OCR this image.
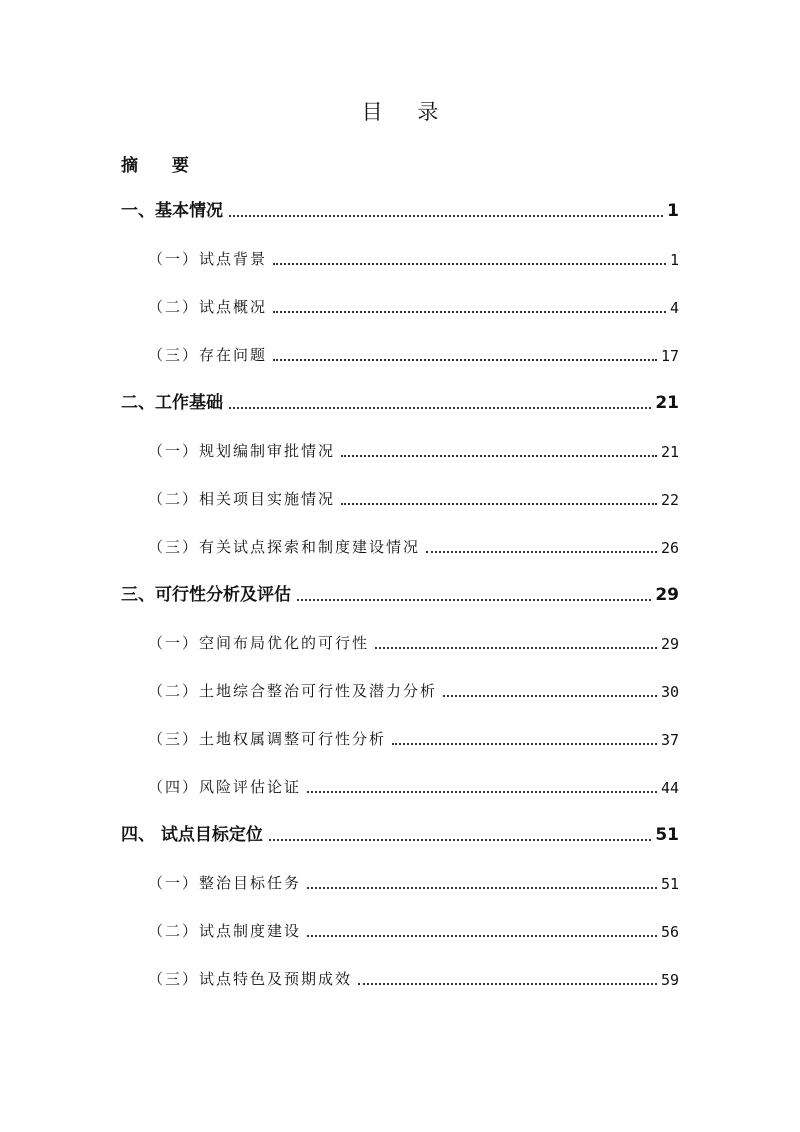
目 录
摘 要
一、基本情况	1
（一）试点背景	1
（二）试点概况	4
（三）存在问题	17
二、工作基础	21
（一）规划编制审批情况	21
（二）相关项目实施情况	22
（三）有关试点探索和制度建设情况	26
三、可行性分析及评估	29
（一）空间布局优化的可行性	29
（二）土地综合整治可行性及潜力分析	30
（三）土地权属调整可行性分析	37
（四）风险评估论证	44
四、 试点目标定位	51
（一）整治目标任务	51
（二）试点制度建设	56
（三）试点特色及预期成效	59
